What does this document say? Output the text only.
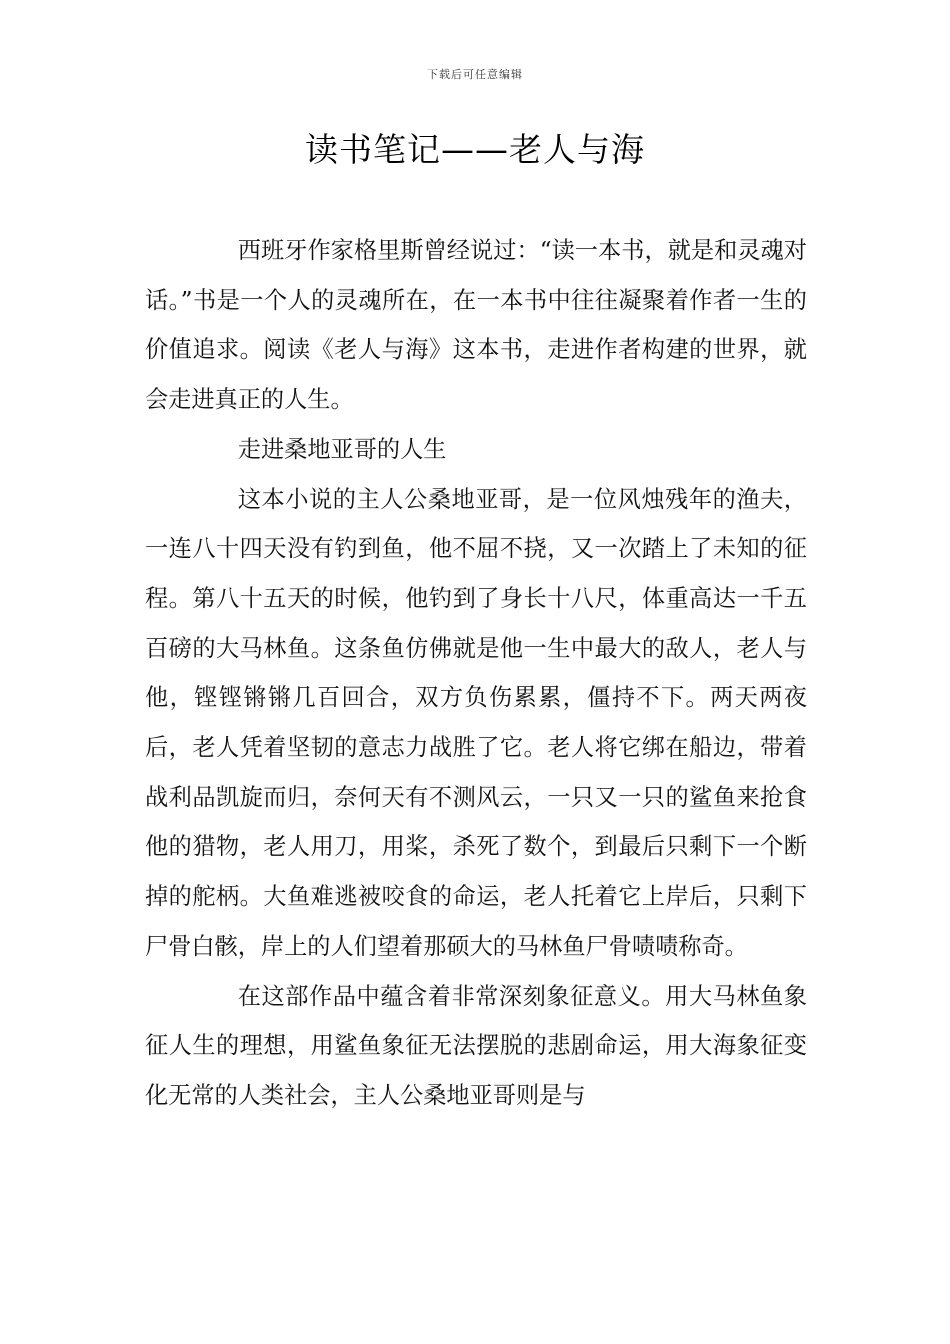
下载后可任意编辑
读书笔记——老人与海

西班牙作家格里斯曾经说过：“读一本书，就是和灵魂对话。”书是一个人的灵魂所在，在一本书中往往凝聚着作者一生的价值追求。阅读《老人与海》这本书，走进作者构建的世界，就会走进真正的人生。

走进桑地亚哥的人生

这本小说的主人公桑地亚哥，是一位风烛残年的渔夫，一连八十四天没有钓到鱼，他不屈不挠，又一次踏上了未知的征程。第八十五天的时候，他钓到了身长十八尺，体重高达一千五百磅的大马林鱼。这条鱼仿佛就是他一生中最大的敌人，老人与他，铿铿锵锵几百回合，双方负伤累累，僵持不下。两天两夜后，老人凭着坚韧的意志力战胜了它。老人将它绑在船边，带着战利品凯旋而归，奈何天有不测风云，一只又一只的鲨鱼来抢食他的猎物，老人用刀，用桨，杀死了数个，到最后只剩下一个断掉的舵柄。大鱼难逃被咬食的命运，老人托着它上岸后，只剩下尸骨白骸，岸上的人们望着那硕大的马林鱼尸骨啧啧称奇。

在这部作品中蕴含着非常深刻象征意义。用大马林鱼象征人生的理想，用鲨鱼象征无法摆脱的悲剧命运，用大海象征变化无常的人类社会，主人公桑地亚哥则是与
